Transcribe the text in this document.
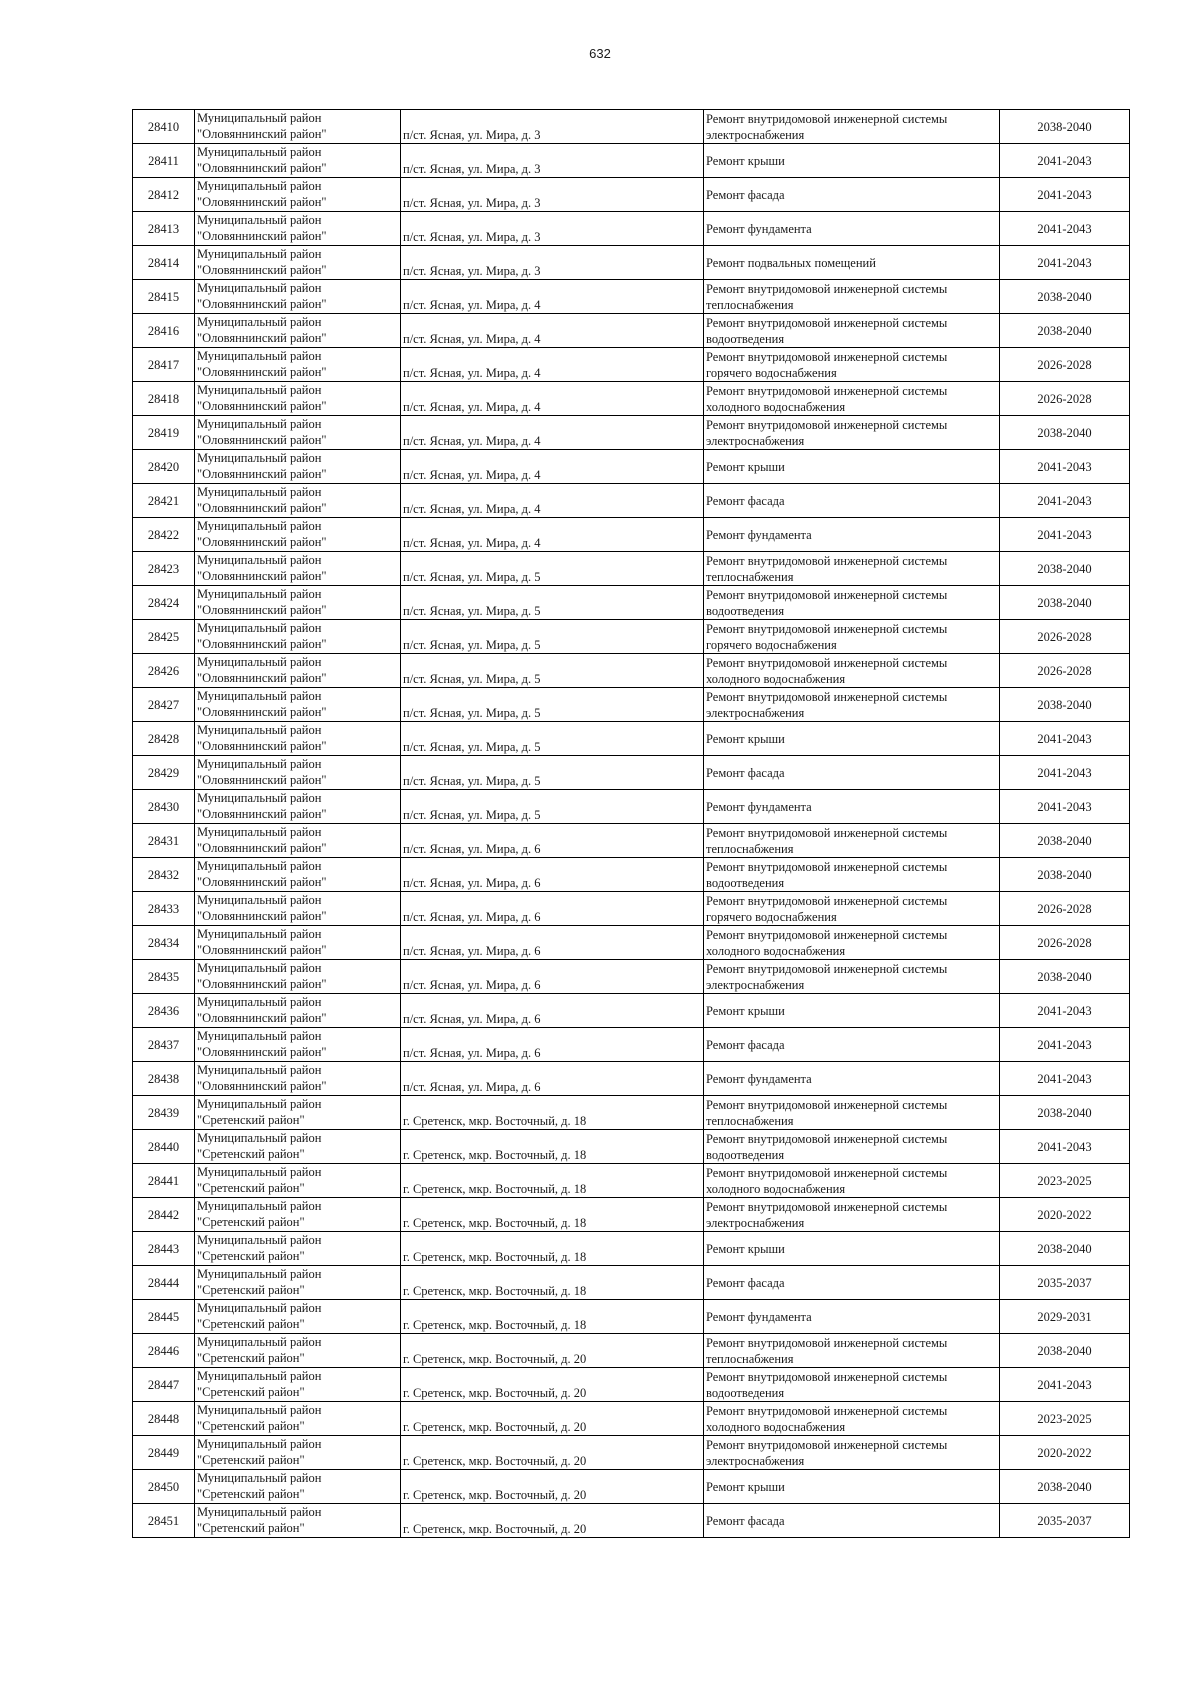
632
28410	Муниципальный район
"Оловяннинский район"	п/ст. Ясная, ул. Мира, д. 3	Ремонт внутридомовой инженерной системы
электроснабжения	2038-2040
28411	Муниципальный район
"Оловяннинский район"	п/ст. Ясная, ул. Мира, д. 3	Ремонт крыши	2041-2043
28412	Муниципальный район
"Оловяннинский район"	п/ст. Ясная, ул. Мира, д. 3	Ремонт фасада	2041-2043
28413	Муниципальный район
"Оловяннинский район"	п/ст. Ясная, ул. Мира, д. 3	Ремонт фундамента	2041-2043
28414	Муниципальный район
"Оловяннинский район"	п/ст. Ясная, ул. Мира, д. 3	Ремонт подвальных помещений	2041-2043
28415	Муниципальный район
"Оловяннинский район"	п/ст. Ясная, ул. Мира, д. 4	Ремонт внутридомовой инженерной системы
теплоснабжения	2038-2040
28416	Муниципальный район
"Оловяннинский район"	п/ст. Ясная, ул. Мира, д. 4	Ремонт внутридомовой инженерной системы
водоотведения	2038-2040
28417	Муниципальный район
"Оловяннинский район"	п/ст. Ясная, ул. Мира, д. 4	Ремонт внутридомовой инженерной системы
горячего водоснабжения	2026-2028
28418	Муниципальный район
"Оловяннинский район"	п/ст. Ясная, ул. Мира, д. 4	Ремонт внутридомовой инженерной системы
холодного водоснабжения	2026-2028
28419	Муниципальный район
"Оловяннинский район"	п/ст. Ясная, ул. Мира, д. 4	Ремонт внутридомовой инженерной системы
электроснабжения	2038-2040
28420	Муниципальный район
"Оловяннинский район"	п/ст. Ясная, ул. Мира, д. 4	Ремонт крыши	2041-2043
28421	Муниципальный район
"Оловяннинский район"	п/ст. Ясная, ул. Мира, д. 4	Ремонт фасада	2041-2043
28422	Муниципальный район
"Оловяннинский район"	п/ст. Ясная, ул. Мира, д. 4	Ремонт фундамента	2041-2043
28423	Муниципальный район
"Оловяннинский район"	п/ст. Ясная, ул. Мира, д. 5	Ремонт внутридомовой инженерной системы
теплоснабжения	2038-2040
28424	Муниципальный район
"Оловяннинский район"	п/ст. Ясная, ул. Мира, д. 5	Ремонт внутридомовой инженерной системы
водоотведения	2038-2040
28425	Муниципальный район
"Оловяннинский район"	п/ст. Ясная, ул. Мира, д. 5	Ремонт внутридомовой инженерной системы
горячего водоснабжения	2026-2028
28426	Муниципальный район
"Оловяннинский район"	п/ст. Ясная, ул. Мира, д. 5	Ремонт внутридомовой инженерной системы
холодного водоснабжения	2026-2028
28427	Муниципальный район
"Оловяннинский район"	п/ст. Ясная, ул. Мира, д. 5	Ремонт внутридомовой инженерной системы
электроснабжения	2038-2040
28428	Муниципальный район
"Оловяннинский район"	п/ст. Ясная, ул. Мира, д. 5	Ремонт крыши	2041-2043
28429	Муниципальный район
"Оловяннинский район"	п/ст. Ясная, ул. Мира, д. 5	Ремонт фасада	2041-2043
28430	Муниципальный район
"Оловяннинский район"	п/ст. Ясная, ул. Мира, д. 5	Ремонт фундамента	2041-2043
28431	Муниципальный район
"Оловяннинский район"	п/ст. Ясная, ул. Мира, д. 6	Ремонт внутридомовой инженерной системы
теплоснабжения	2038-2040
28432	Муниципальный район
"Оловяннинский район"	п/ст. Ясная, ул. Мира, д. 6	Ремонт внутридомовой инженерной системы
водоотведения	2038-2040
28433	Муниципальный район
"Оловяннинский район"	п/ст. Ясная, ул. Мира, д. 6	Ремонт внутридомовой инженерной системы
горячего водоснабжения	2026-2028
28434	Муниципальный район
"Оловяннинский район"	п/ст. Ясная, ул. Мира, д. 6	Ремонт внутридомовой инженерной системы
холодного водоснабжения	2026-2028
28435	Муниципальный район
"Оловяннинский район"	п/ст. Ясная, ул. Мира, д. 6	Ремонт внутридомовой инженерной системы
электроснабжения	2038-2040
28436	Муниципальный район
"Оловяннинский район"	п/ст. Ясная, ул. Мира, д. 6	Ремонт крыши	2041-2043
28437	Муниципальный район
"Оловяннинский район"	п/ст. Ясная, ул. Мира, д. 6	Ремонт фасада	2041-2043
28438	Муниципальный район
"Оловяннинский район"	п/ст. Ясная, ул. Мира, д. 6	Ремонт фундамента	2041-2043
28439	Муниципальный район
"Сретенский район"	г. Сретенск, мкр. Восточный, д. 18	Ремонт внутридомовой инженерной системы
теплоснабжения	2038-2040
28440	Муниципальный район
"Сретенский район"	г. Сретенск, мкр. Восточный, д. 18	Ремонт внутридомовой инженерной системы
водоотведения	2041-2043
28441	Муниципальный район
"Сретенский район"	г. Сретенск, мкр. Восточный, д. 18	Ремонт внутридомовой инженерной системы
холодного водоснабжения	2023-2025
28442	Муниципальный район
"Сретенский район"	г. Сретенск, мкр. Восточный, д. 18	Ремонт внутридомовой инженерной системы
электроснабжения	2020-2022
28443	Муниципальный район
"Сретенский район"	г. Сретенск, мкр. Восточный, д. 18	Ремонт крыши	2038-2040
28444	Муниципальный район
"Сретенский район"	г. Сретенск, мкр. Восточный, д. 18	Ремонт фасада	2035-2037
28445	Муниципальный район
"Сретенский район"	г. Сретенск, мкр. Восточный, д. 18	Ремонт фундамента	2029-2031
28446	Муниципальный район
"Сретенский район"	г. Сретенск, мкр. Восточный, д. 20	Ремонт внутридомовой инженерной системы
теплоснабжения	2038-2040
28447	Муниципальный район
"Сретенский район"	г. Сретенск, мкр. Восточный, д. 20	Ремонт внутридомовой инженерной системы
водоотведения	2041-2043
28448	Муниципальный район
"Сретенский район"	г. Сретенск, мкр. Восточный, д. 20	Ремонт внутридомовой инженерной системы
холодного водоснабжения	2023-2025
28449	Муниципальный район
"Сретенский район"	г. Сретенск, мкр. Восточный, д. 20	Ремонт внутридомовой инженерной системы
электроснабжения	2020-2022
28450	Муниципальный район
"Сретенский район"	г. Сретенск, мкр. Восточный, д. 20	Ремонт крыши	2038-2040
28451	Муниципальный район
"Сретенский район"	г. Сретенск, мкр. Восточный, д. 20	Ремонт фасада	2035-2037
